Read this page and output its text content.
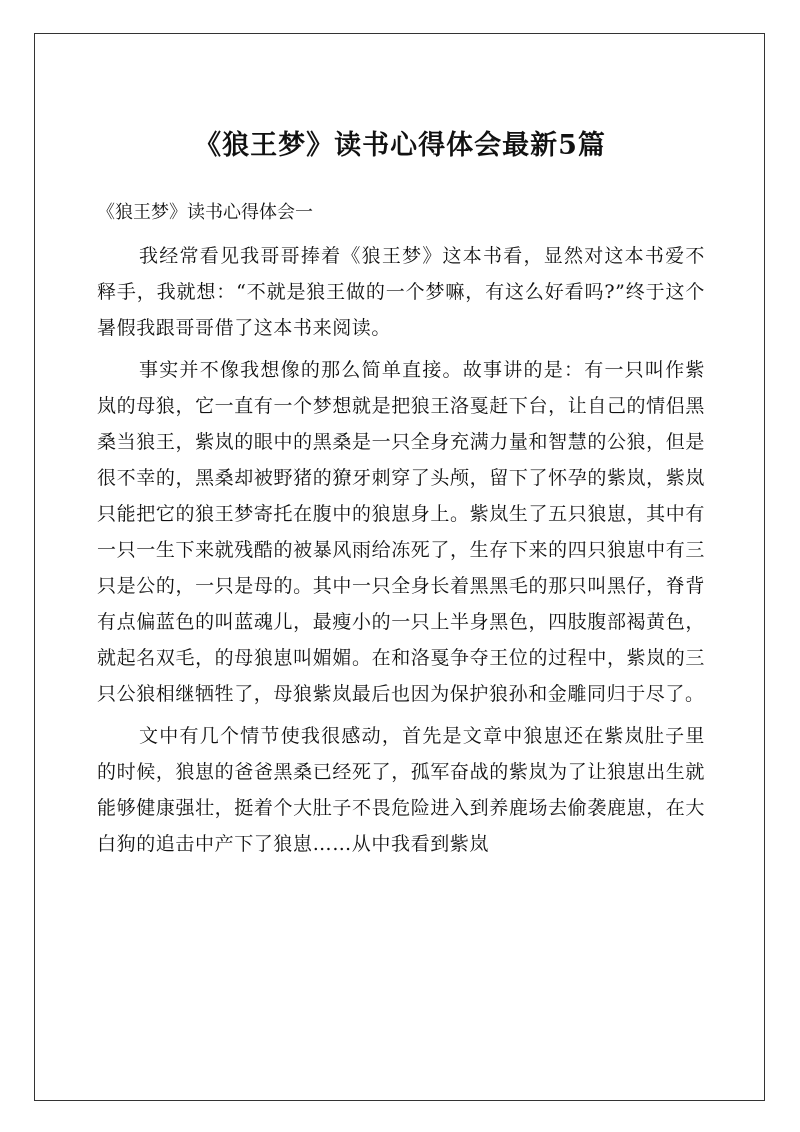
《狼王梦》读书心得体会最新5篇

《狼王梦》读书心得体会一

我经常看见我哥哥捧着《狼王梦》这本书看，显然对这本书爱不释手，我就想：“不就是狼王做的一个梦嘛，有这么好看吗?”终于这个暑假我跟哥哥借了这本书来阅读。

事实并不像我想像的那么简单直接。故事讲的是：有一只叫作紫岚的母狼，它一直有一个梦想就是把狼王洛戛赶下台，让自己的情侣黑桑当狼王，紫岚的眼中的黑桑是一只全身充满力量和智慧的公狼，但是很不幸的，黑桑却被野猪的獠牙刺穿了头颅，留下了怀孕的紫岚，紫岚只能把它的狼王梦寄托在腹中的狼崽身上。紫岚生了五只狼崽，其中有一只一生下来就残酷的被暴风雨给冻死了，生存下来的四只狼崽中有三只是公的，一只是母的。其中一只全身长着黑黑毛的那只叫黑仔，脊背有点偏蓝色的叫蓝魂儿，最瘦小的一只上半身黑色，四肢腹部褐黄色，就起名双毛，的母狼崽叫媚媚。在和洛戛争夺王位的过程中，紫岚的三只公狼相继牺牲了，母狼紫岚最后也因为保护狼孙和金雕同归于尽了。

文中有几个情节使我很感动，首先是文章中狼崽还在紫岚肚子里的时候，狼崽的爸爸黑桑已经死了，孤军奋战的紫岚为了让狼崽出生就能够健康强壮，挺着个大肚子不畏危险进入到养鹿场去偷袭鹿崽，在大白狗的追击中产下了狼崽……从中我看到紫岚
